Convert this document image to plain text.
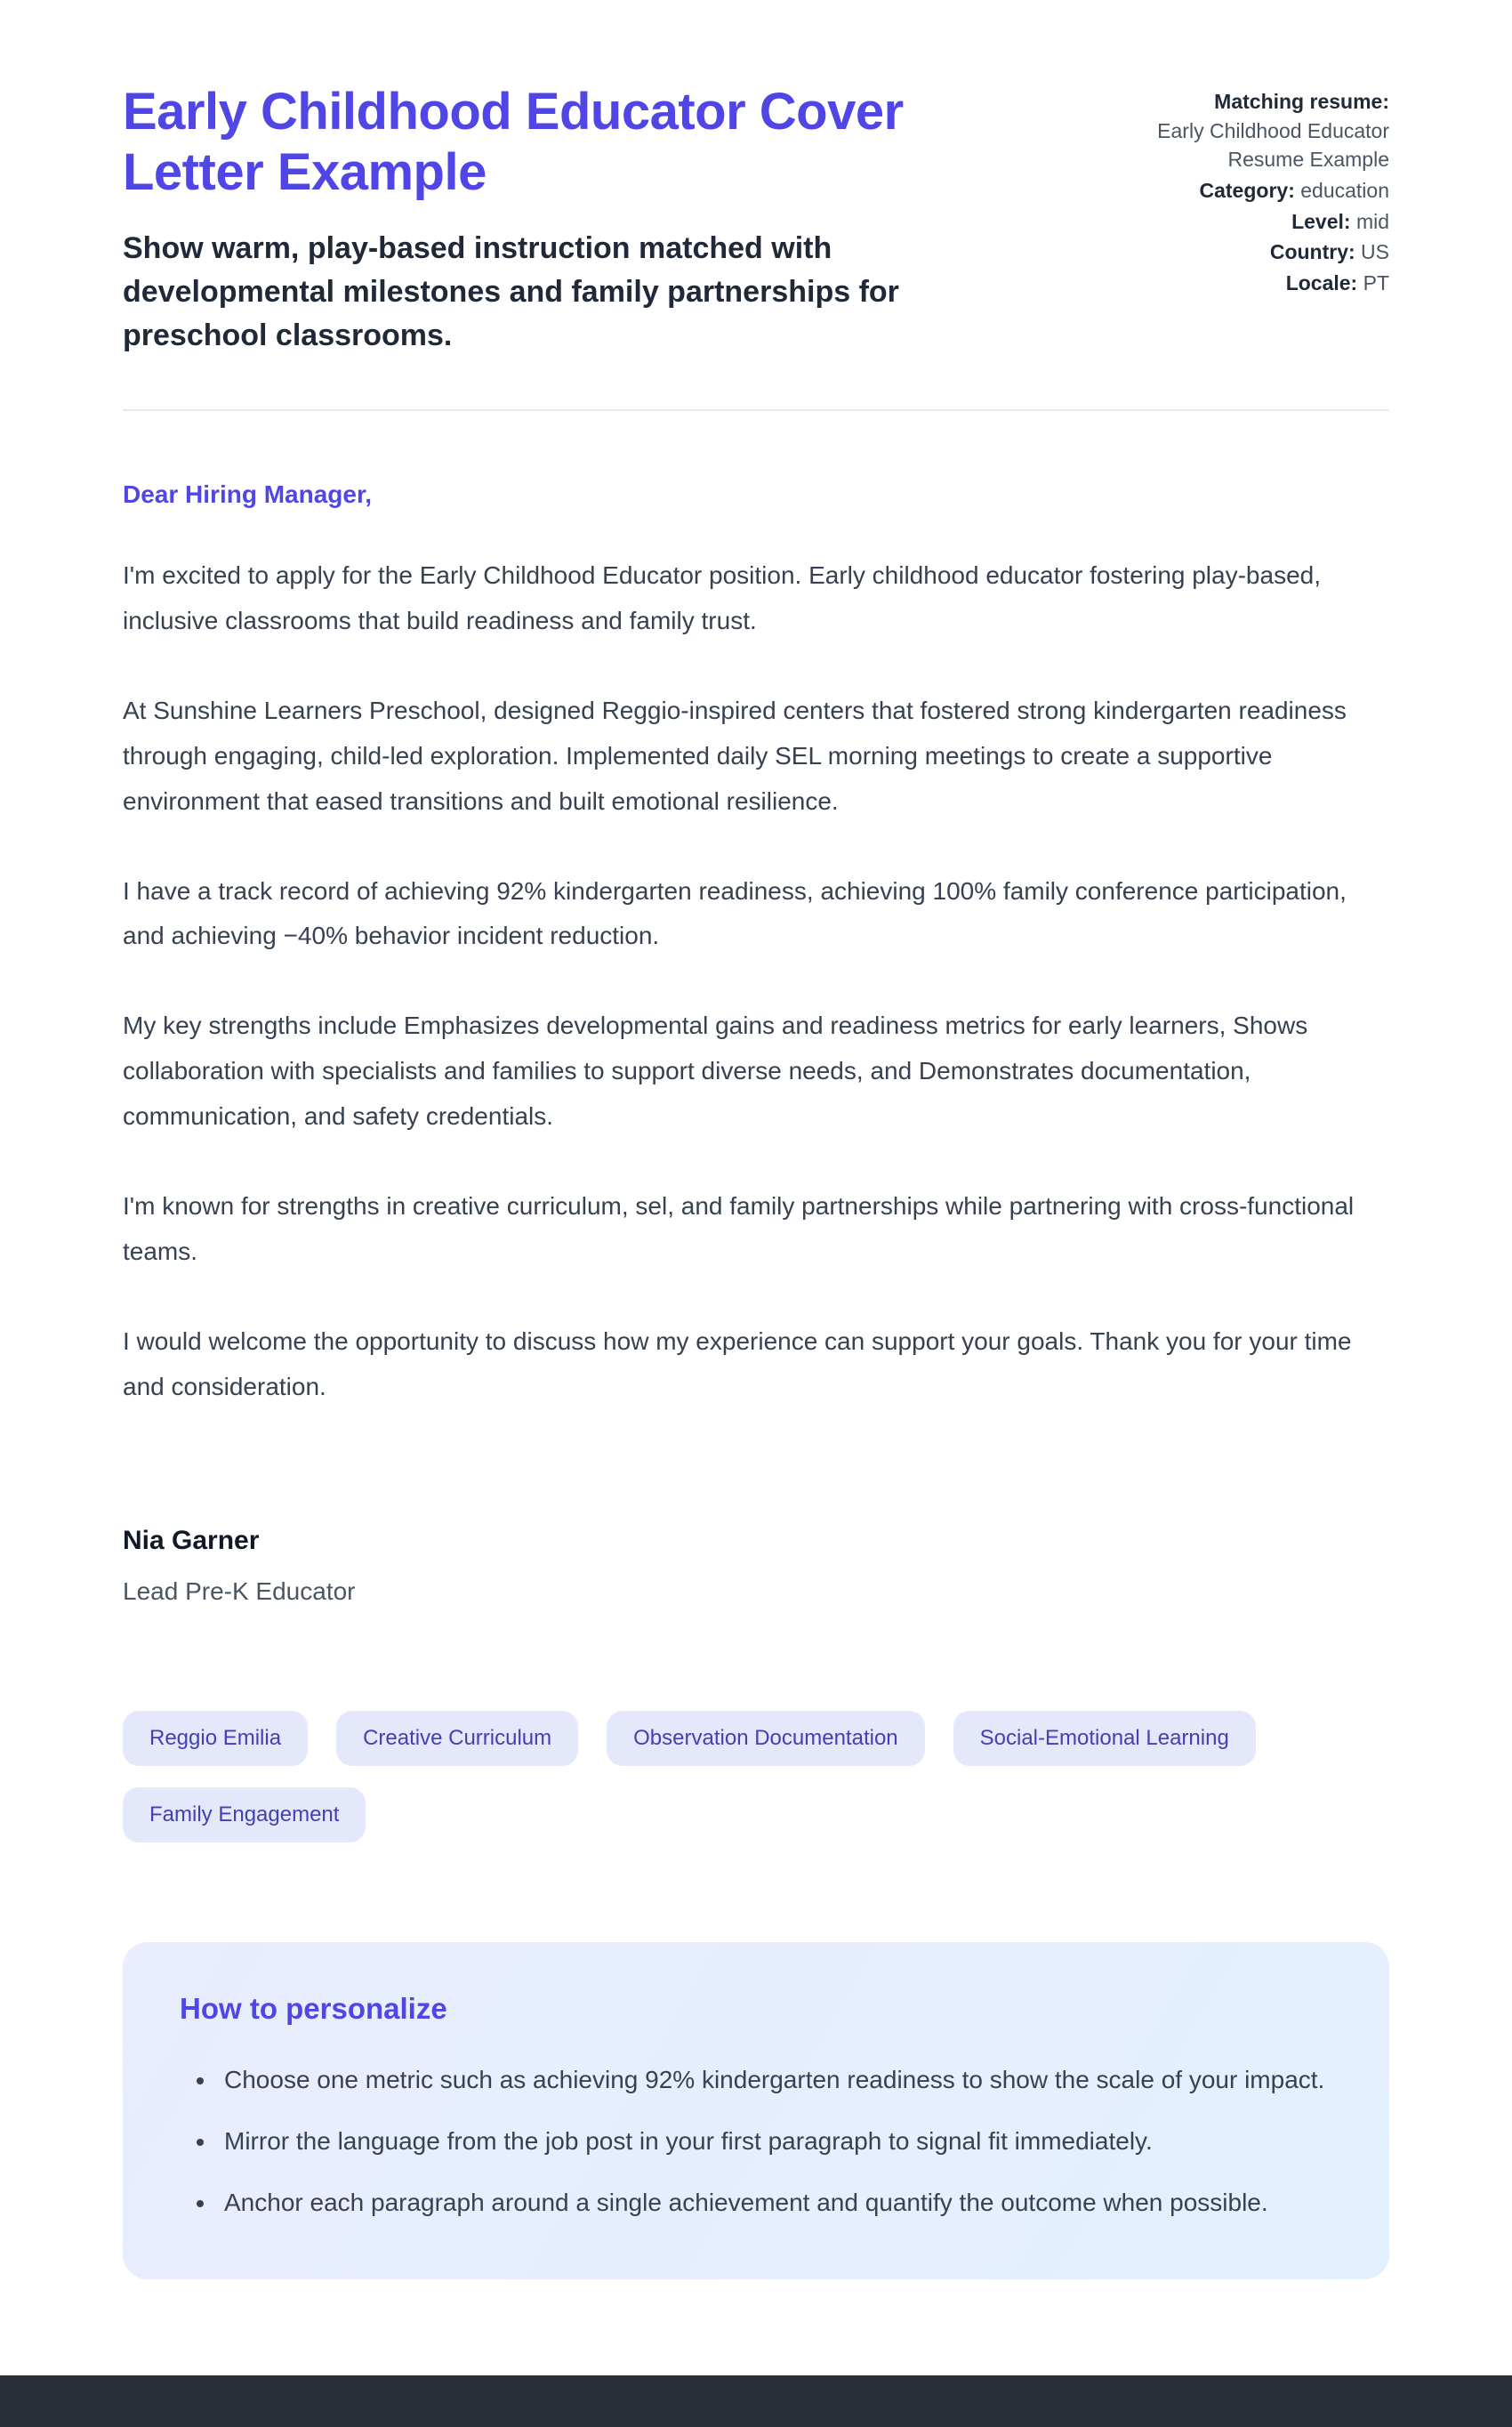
Early Childhood Educator Cover Letter Example

Show warm, play-based instruction matched with developmental milestones and family partnerships for preschool classrooms.

Matching resume:
Early Childhood Educator Resume Example
Category: education
Level: mid
Country: US
Locale: PT

Dear Hiring Manager,

I'm excited to apply for the Early Childhood Educator position. Early childhood educator fostering play-based, inclusive classrooms that build readiness and family trust.

At Sunshine Learners Preschool, designed Reggio-inspired centers that fostered strong kindergarten readiness through engaging, child-led exploration. Implemented daily SEL morning meetings to create a supportive environment that eased transitions and built emotional resilience.

I have a track record of achieving 92% kindergarten readiness, achieving 100% family conference participation, and achieving −40% behavior incident reduction.

My key strengths include Emphasizes developmental gains and readiness metrics for early learners, Shows collaboration with specialists and families to support diverse needs, and Demonstrates documentation, communication, and safety credentials.

I'm known for strengths in creative curriculum, sel, and family partnerships while partnering with cross-functional teams.

I would welcome the opportunity to discuss how my experience can support your goals. Thank you for your time and consideration.

Nia Garner

Lead Pre-K Educator

Reggio Emilia	Creative Curriculum	Observation Documentation	Social-Emotional Learning
Family Engagement
How to personalize
• Choose one metric such as achieving 92% kindergarten readiness to show the scale of your impact.
• Mirror the language from the job post in your first paragraph to signal fit immediately.
• Anchor each paragraph around a single achievement and quantify the outcome when possible.
